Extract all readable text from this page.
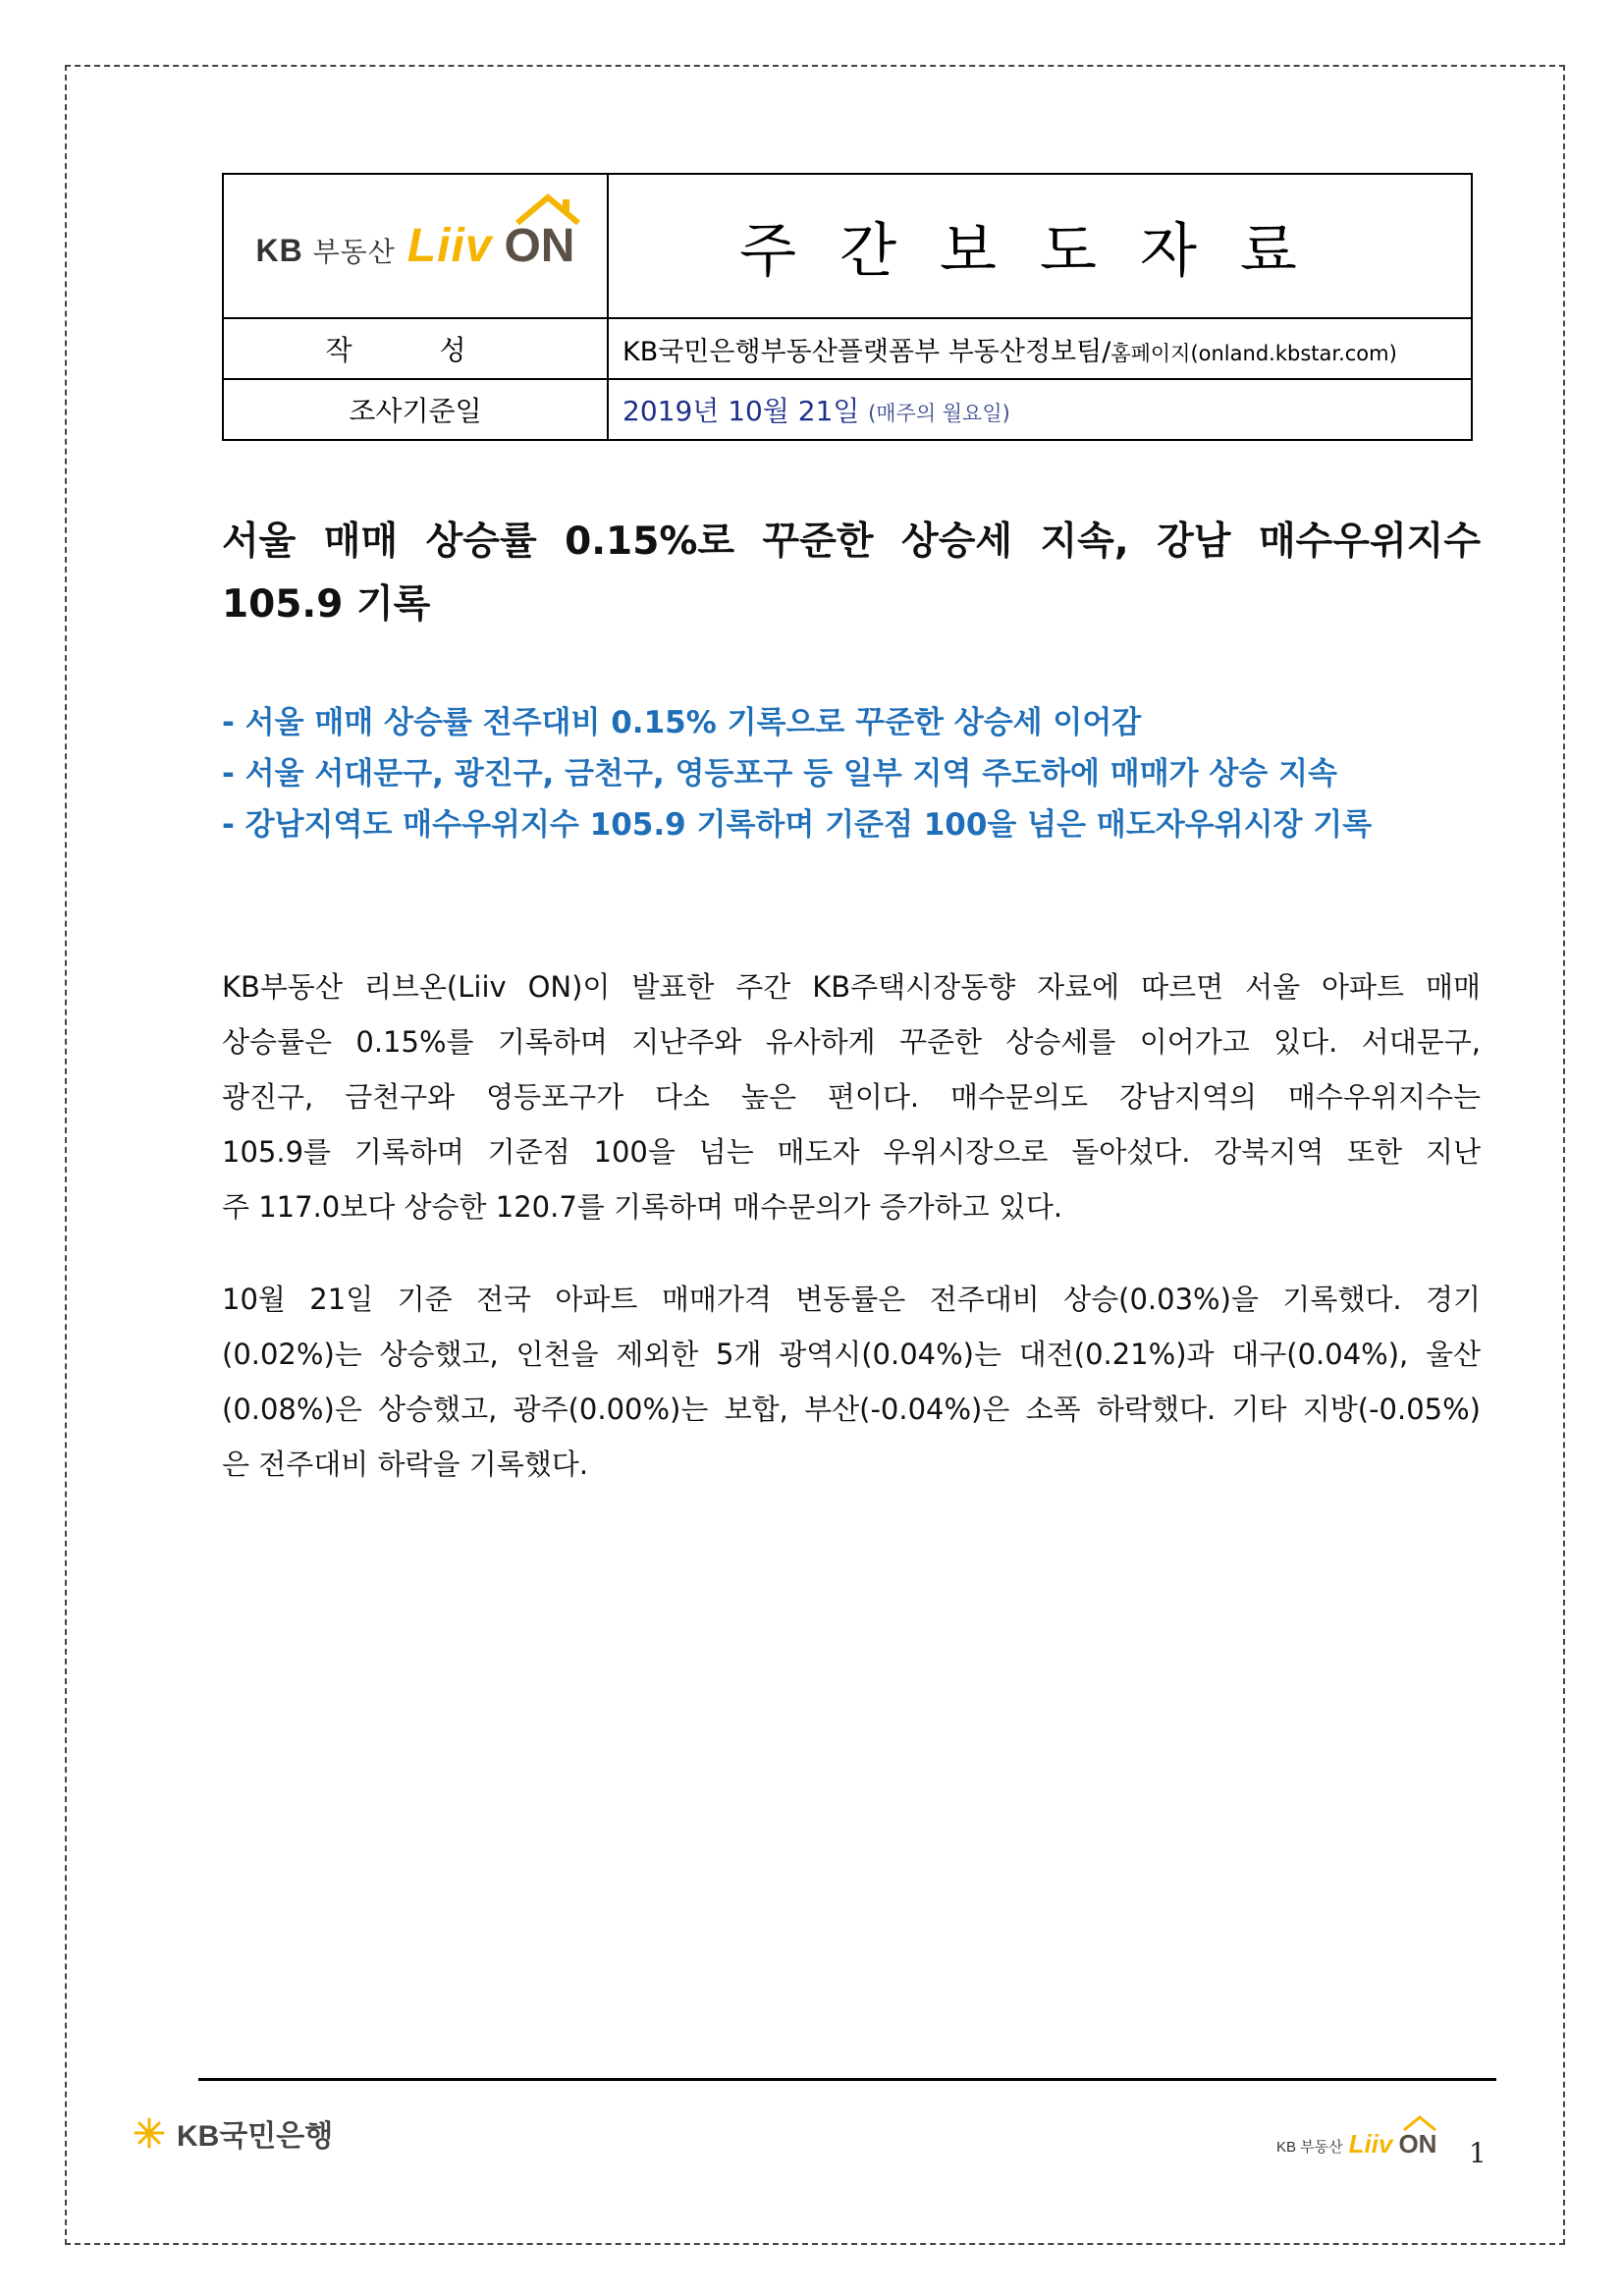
KB 부동산 Liiv ON	주간보도자료
작 성	KB국민은행부동산플랫폼부 부동산정보팀/홈페이지(onland.kbstar.com)
조사기준일	2019년 10월 21일 (매주의 월요일)
서울 매매 상승률 0.15%로 꾸준한 상승세 지속, 강남 매수우위지수
105.9 기록
- 서울 매매 상승률 전주대비 0.15% 기록으로 꾸준한 상승세 이어감
- 서울 서대문구, 광진구, 금천구, 영등포구 등 일부 지역 주도하에 매매가 상승 지속
- 강남지역도 매수우위지수 105.9 기록하며 기준점 100을 넘은 매도자우위시장 기록
KB부동산 리브온(Liiv ON)이 발표한 주간 KB주택시장동향 자료에 따르면 서울 아파트 매매
상승률은 0.15%를 기록하며 지난주와 유사하게 꾸준한 상승세를 이어가고 있다. 서대문구,
광진구, 금천구와 영등포구가 다소 높은 편이다. 매수문의도 강남지역의 매수우위지수는
105.9를 기록하며 기준점 100을 넘는 매도자 우위시장으로 돌아섰다. 강북지역 또한 지난
주 117.0보다 상승한 120.7를 기록하며 매수문의가 증가하고 있다.
10월 21일 기준 전국 아파트 매매가격 변동률은 전주대비 상승(0.03%)을 기록했다. 경기
(0.02%)는 상승했고, 인천을 제외한 5개 광역시(0.04%)는 대전(0.21%)과 대구(0.04%), 울산
(0.08%)은 상승했고, 광주(0.00%)는 보합, 부산(-0.04%)은 소폭 하락했다. 기타 지방(-0.05%)
은 전주대비 하락을 기록했다.
KB국민은행	KB 부동산 Liiv ON 1
